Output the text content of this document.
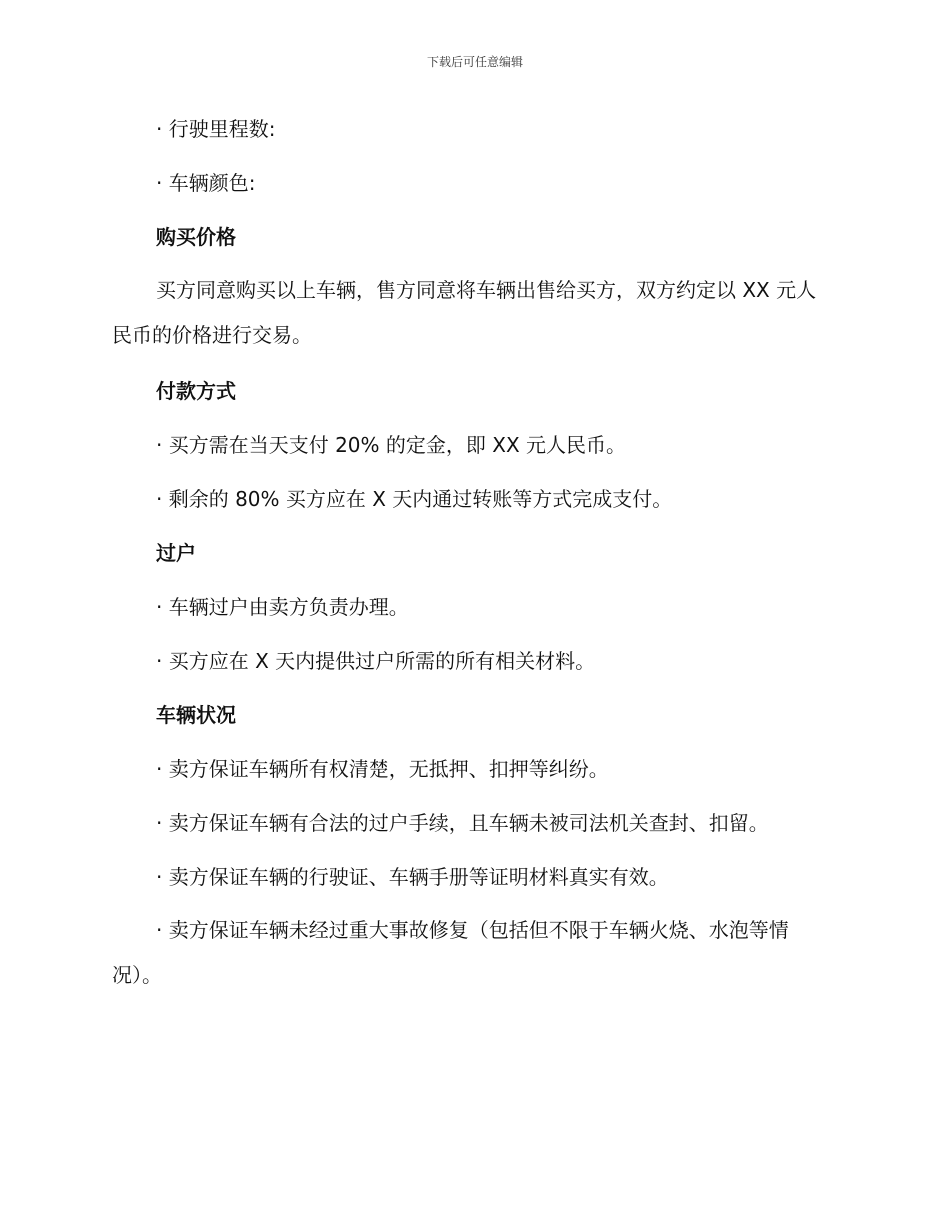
下载后可任意编辑
· 行驶里程数:
· 车辆颜色:
购买价格
买方同意购买以上车辆，售方同意将车辆出售给买方，双方约定以 XX 元人民币的价格进行交易。
付款方式
· 买方需在当天支付 20% 的定金，即 XX 元人民币。
· 剩余的 80% 买方应在 X 天内通过转账等方式完成支付。
过户
· 车辆过户由卖方负责办理。
· 买方应在 X 天内提供过户所需的所有相关材料。
车辆状况
· 卖方保证车辆所有权清楚，无抵押、扣押等纠纷。
· 卖方保证车辆有合法的过户手续，且车辆未被司法机关查封、扣留。
· 卖方保证车辆的行驶证、车辆手册等证明材料真实有效。
· 卖方保证车辆未经过重大事故修复（包括但不限于车辆火烧、水泡等情况）。
